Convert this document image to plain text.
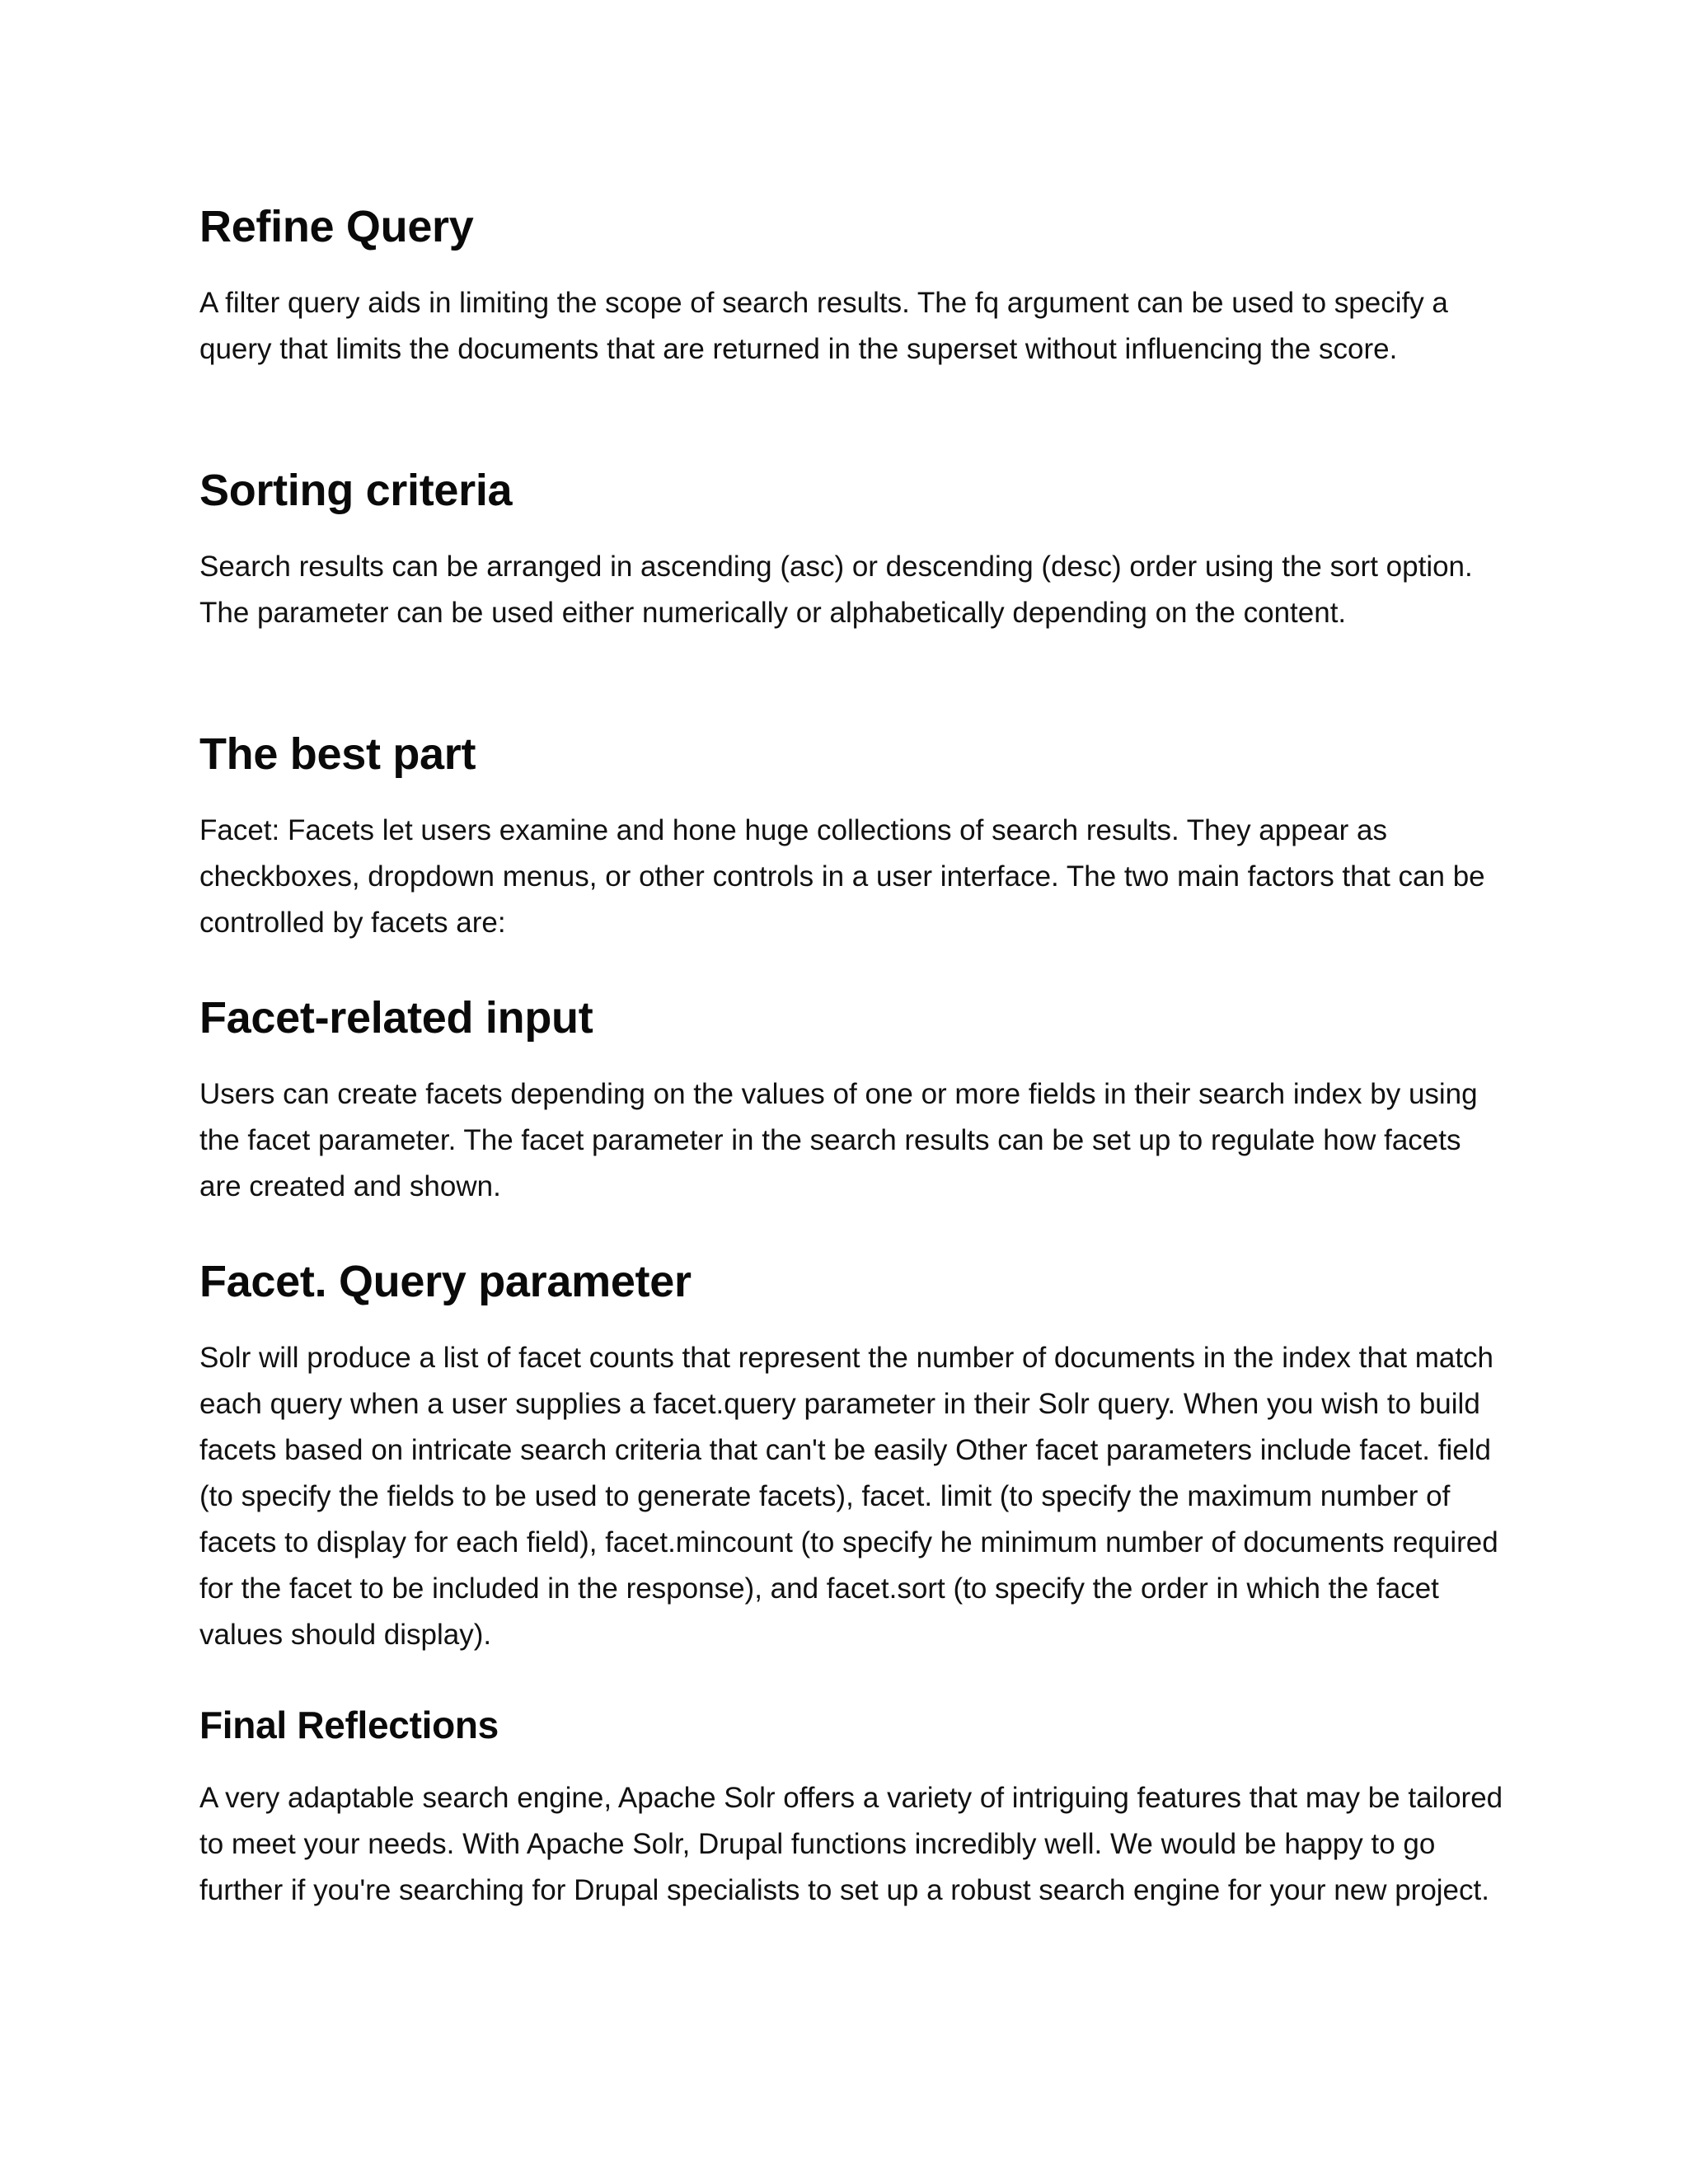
Refine Query

A filter query aids in limiting the scope of search results. The fq argument can be used to specify a query that limits the documents that are returned in the superset without influencing the score.

Sorting criteria

Search results can be arranged in ascending (asc) or descending (desc) order using the sort option. The parameter can be used either numerically or alphabetically depending on the content.

The best part

Facet: Facets let users examine and hone huge collections of search results. They appear as checkboxes, dropdown menus, or other controls in a user interface. The two main factors that can be controlled by facets are:

Facet-related input

Users can create facets depending on the values of one or more fields in their search index by using the facet parameter. The facet parameter in the search results can be set up to regulate how facets are created and shown.

Facet. Query parameter

Solr will produce a list of facet counts that represent the number of documents in the index that match each query when a user supplies a facet.query parameter in their Solr query. When you wish to build facets based on intricate search criteria that can't be easily Other facet parameters include facet. field (to specify the fields to be used to generate facets), facet. limit (to specify the maximum number of facets to display for each field), facet.mincount (to specify he minimum number of documents required for the facet to be included in the response), and facet.sort (to specify the order in which the facet values should display).

Final Reflections

A very adaptable search engine, Apache Solr offers a variety of intriguing features that may be tailored to meet your needs. With Apache Solr, Drupal functions incredibly well. We would be happy to go further if you're searching for Drupal specialists to set up a robust search engine for your new project.
